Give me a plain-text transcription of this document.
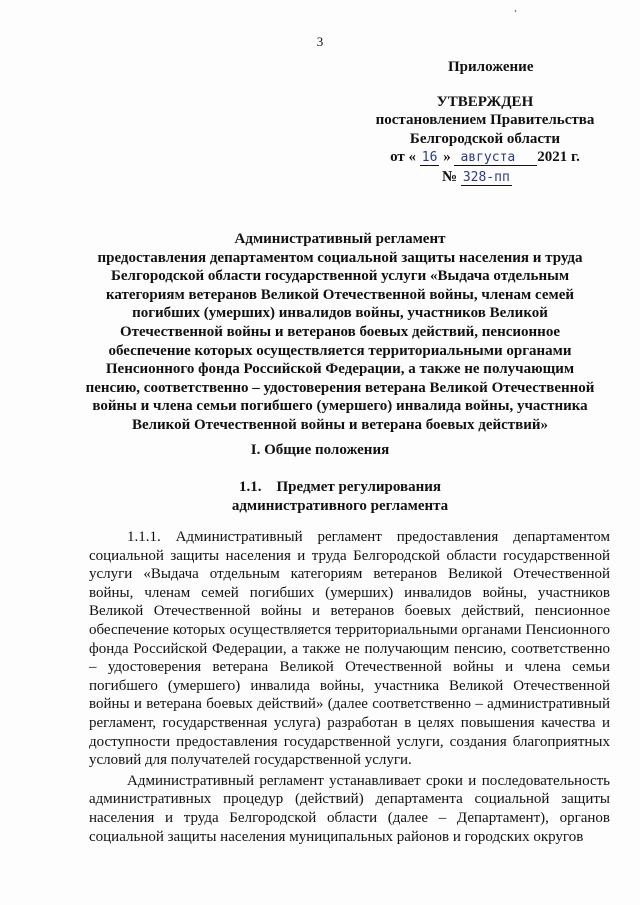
3
Приложение
УТВЕРЖДЕН
постановлением Правительства
Белгородской области
от « 16 » августа 2021 г.
№ 328-пп
Административный регламент
предоставления департаментом социальной защиты населения и труда
Белгородской области государственной услуги «Выдача отдельным
категориям ветеранов Великой Отечественной войны, членам семей
погибших (умерших) инвалидов войны, участников Великой
Отечественной войны и ветеранов боевых действий, пенсионное
обеспечение которых осуществляется территориальными органами
Пенсионного фонда Российской Федерации, а также не получающим
пенсию, соответственно – удостоверения ветерана Великой Отечественной
войны и члена семьи погибшего (умершего) инвалида войны, участника
Великой Отечественной войны и ветерана боевых действий»
I. Общие положения
1.1.    Предмет регулирования
административного регламента

1.1.1. Административный регламент предоставления департаментом социальной защиты населения и труда Белгородской области государственной услуги «Выдача отдельным категориям ветеранов Великой Отечественной войны, членам семей погибших (умерших) инвалидов войны, участников Великой Отечественной войны и ветеранов боевых действий, пенсионное обеспечение которых осуществляется территориальными органами Пенсионного фонда Российской Федерации, а также не получающим пенсию, соответственно – удостоверения ветерана Великой Отечественной войны и члена семьи погибшего (умершего) инвалида войны, участника Великой Отечественной войны и ветерана боевых действий» (далее соответственно – административный регламент, государственная услуга) разработан в целях повышения качества и доступности предоставления государственной услуги, создания благоприятных условий для получателей государственной услуги.

Административный регламент устанавливает сроки и последовательность административных процедур (действий) департамента социальной защиты населения и труда Белгородской области (далее – Департамент), органов социальной защиты населения муниципальных районов и городских округов
